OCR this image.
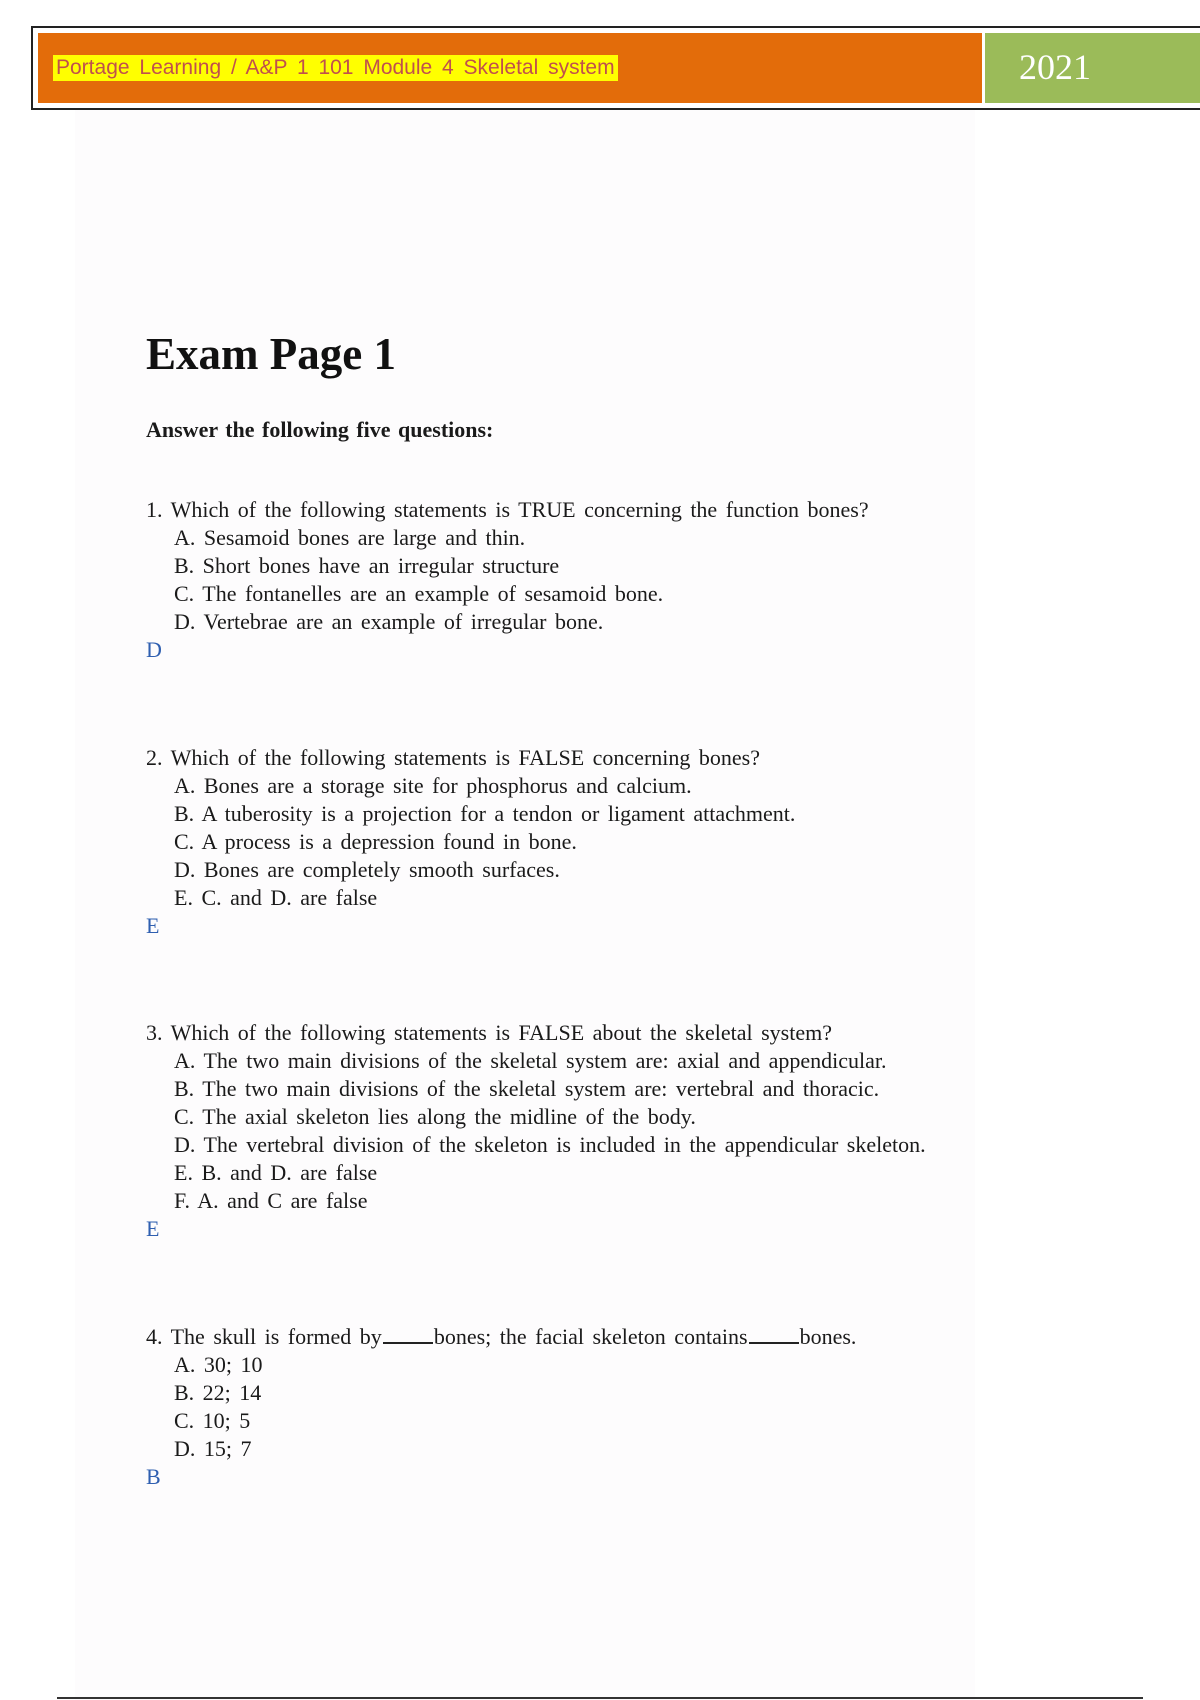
Portage Learning / A&P 1 101 Module 4 Skeletal system	2021
Exam Page 1

Answer the following five questions:

1. Which of the following statements is TRUE concerning the function bones?
A. Sesamoid bones are large and thin.
B. Short bones have an irregular structure
C. The fontanelles are an example of sesamoid bone.
D. Vertebrae are an example of irregular bone.
D
2. Which of the following statements is FALSE concerning bones?
A. Bones are a storage site for phosphorus and calcium.
B. A tuberosity is a projection for a tendon or ligament attachment.
C. A process is a depression found in bone.
D. Bones are completely smooth surfaces.
E. C. and D. are false
E
3. Which of the following statements is FALSE about the skeletal system?
A. The two main divisions of the skeletal system are: axial and appendicular.
B. The two main divisions of the skeletal system are: vertebral and thoracic.
C. The axial skeleton lies along the midline of the body.
D. The vertebral division of the skeleton is included in the appendicular skeleton.
E. B. and D. are false
F. A. and C are false
E
4. The skull is formed by bones; the facial skeleton contains bones.
A. 30; 10
B. 22; 14
C. 10; 5
D. 15; 7
B
